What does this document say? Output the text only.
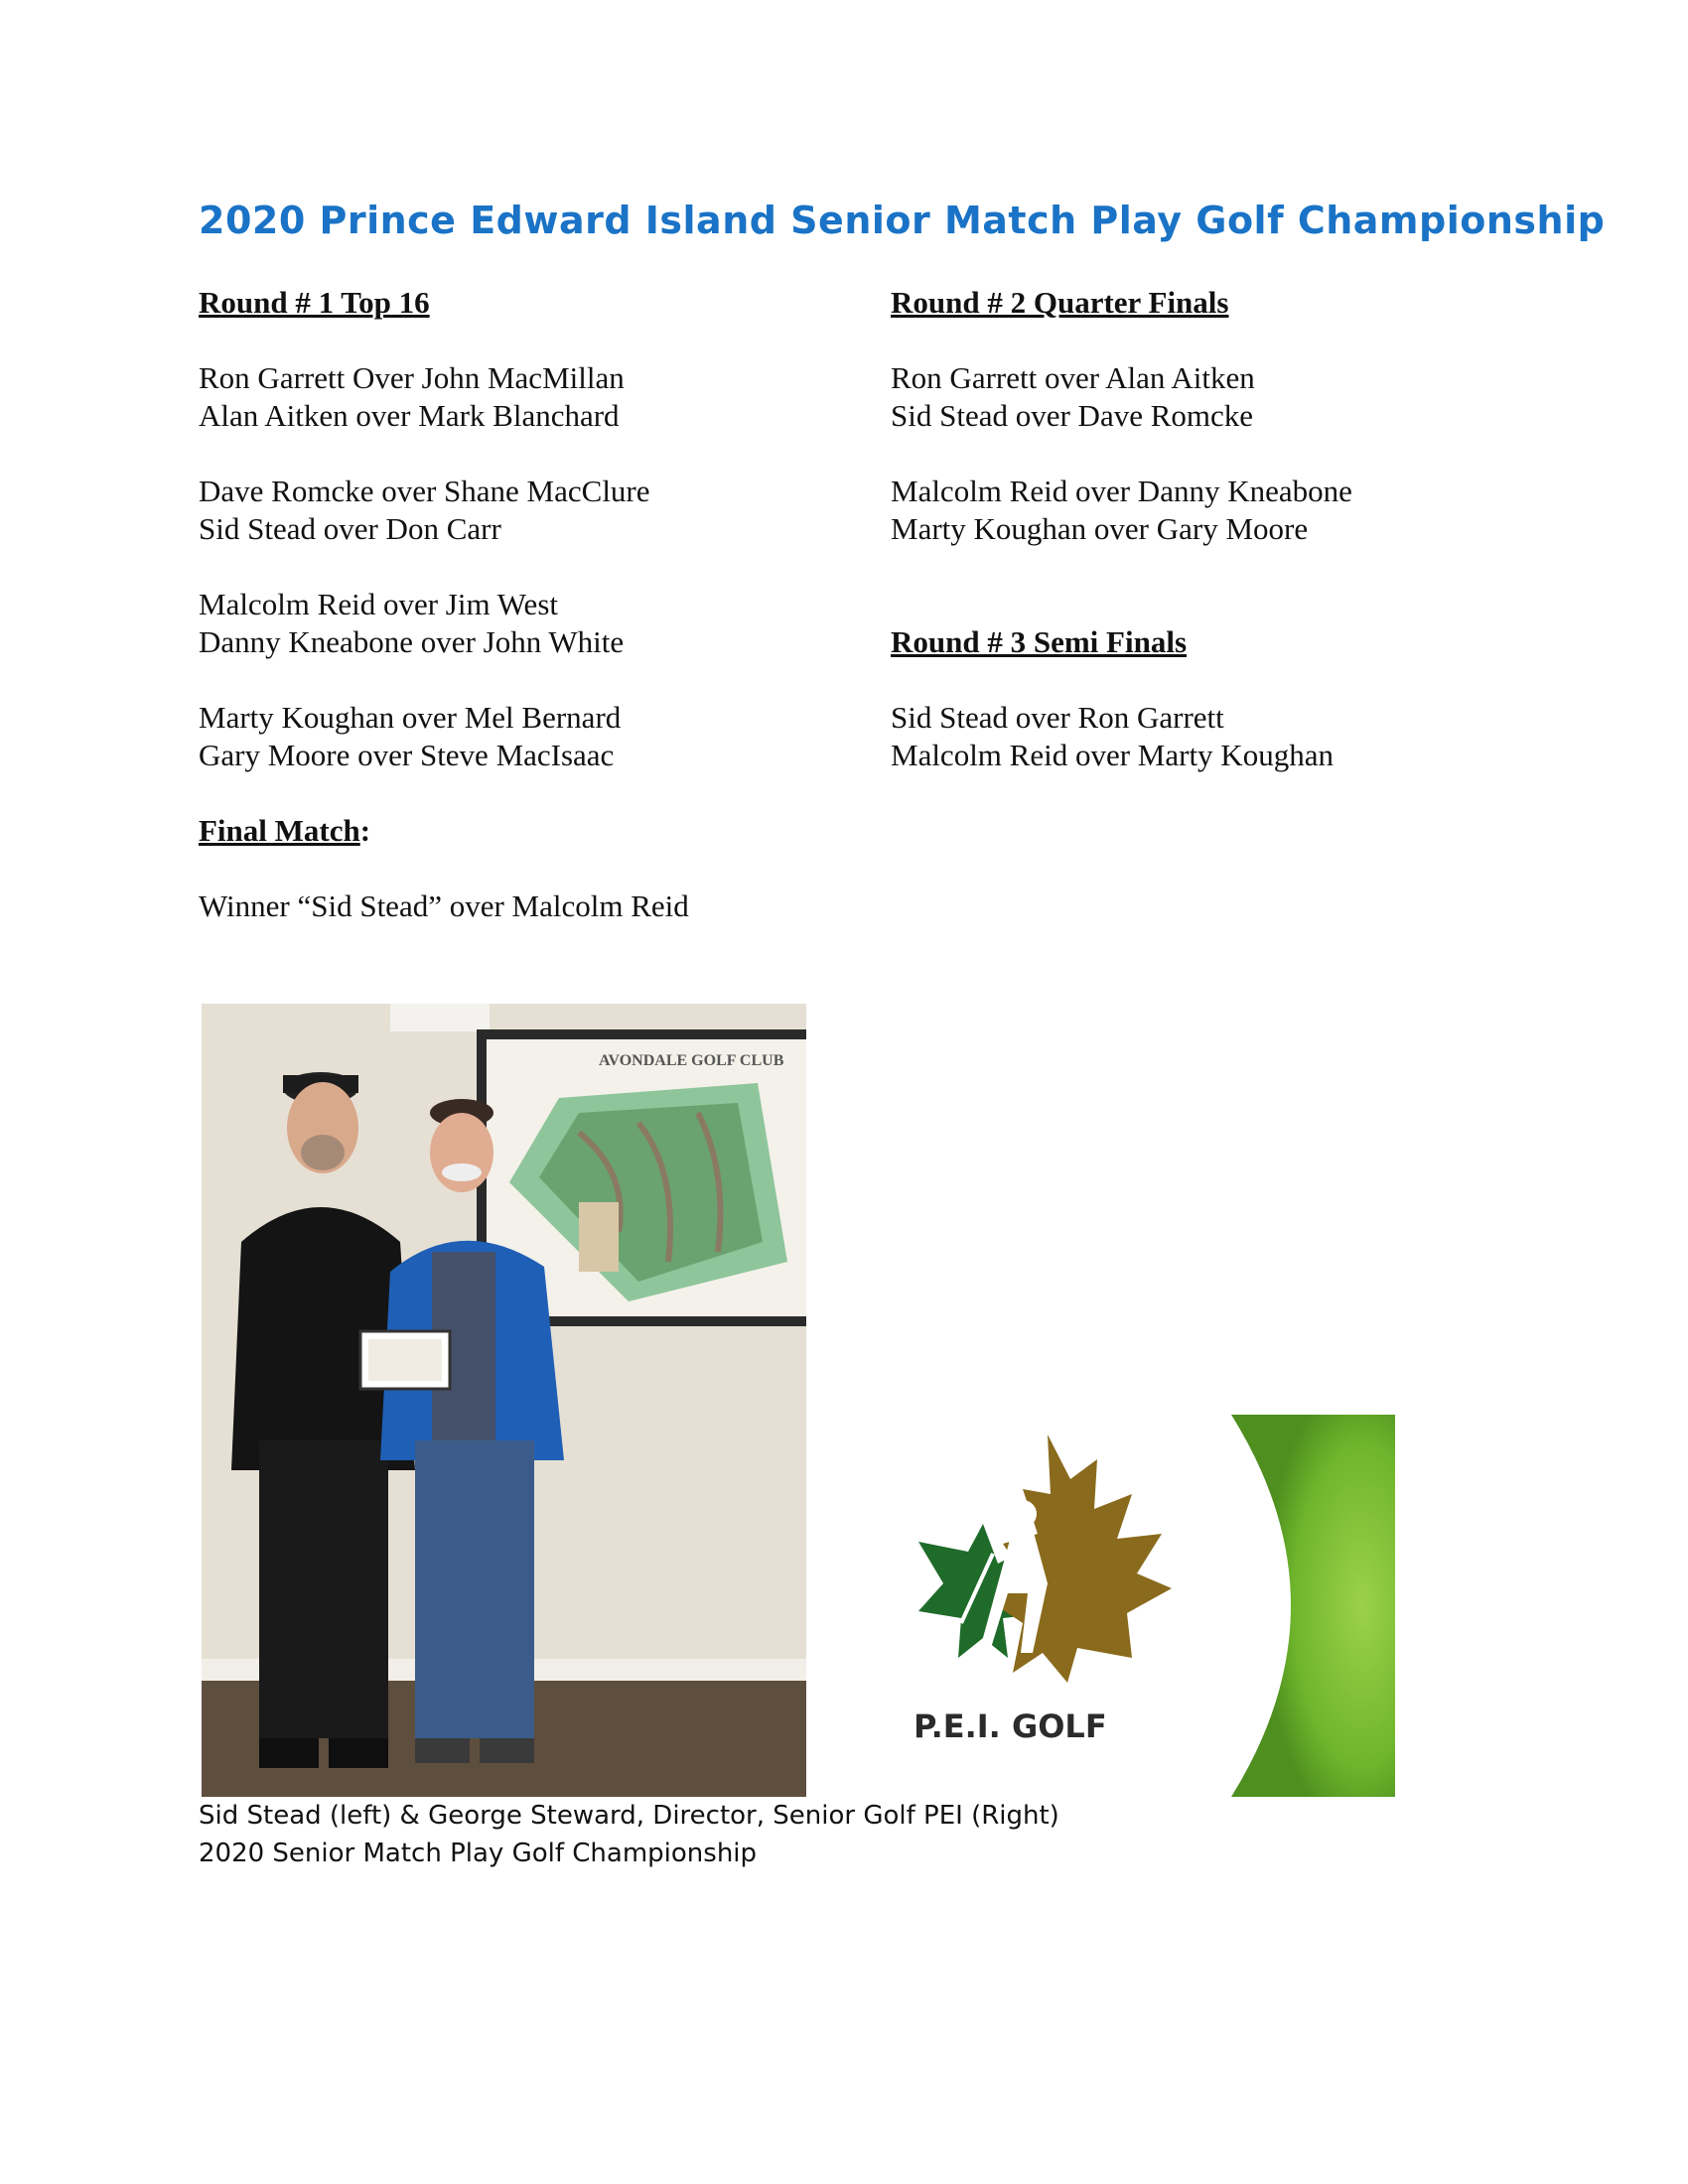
2020 Prince Edward Island Senior Match Play Golf Championship
Round # 1 Top 16
Ron Garrett Over John MacMillan
Alan Aitken over Mark Blanchard
Dave Romcke over Shane MacClure
Sid Stead over Don Carr
Malcolm Reid over Jim West
Danny Kneabone over John White
Marty Koughan over Mel Bernard
Gary Moore over Steve MacIsaac
Final Match:
Winner “Sid Stead” over Malcolm Reid
Round # 2 Quarter Finals
Ron Garrett over Alan Aitken
Sid Stead over Dave Romcke
Malcolm Reid over Danny Kneabone
Marty Koughan over Gary Moore
Round # 3 Semi Finals
Sid Stead over Ron Garrett
Malcolm Reid over Marty Koughan
AVONDALE GOLF CLUB
P.E.I. GOLF
Sid Stead (left) & George Steward, Director, Senior Golf PEI (Right)
2020 Senior Match Play Golf Championship
